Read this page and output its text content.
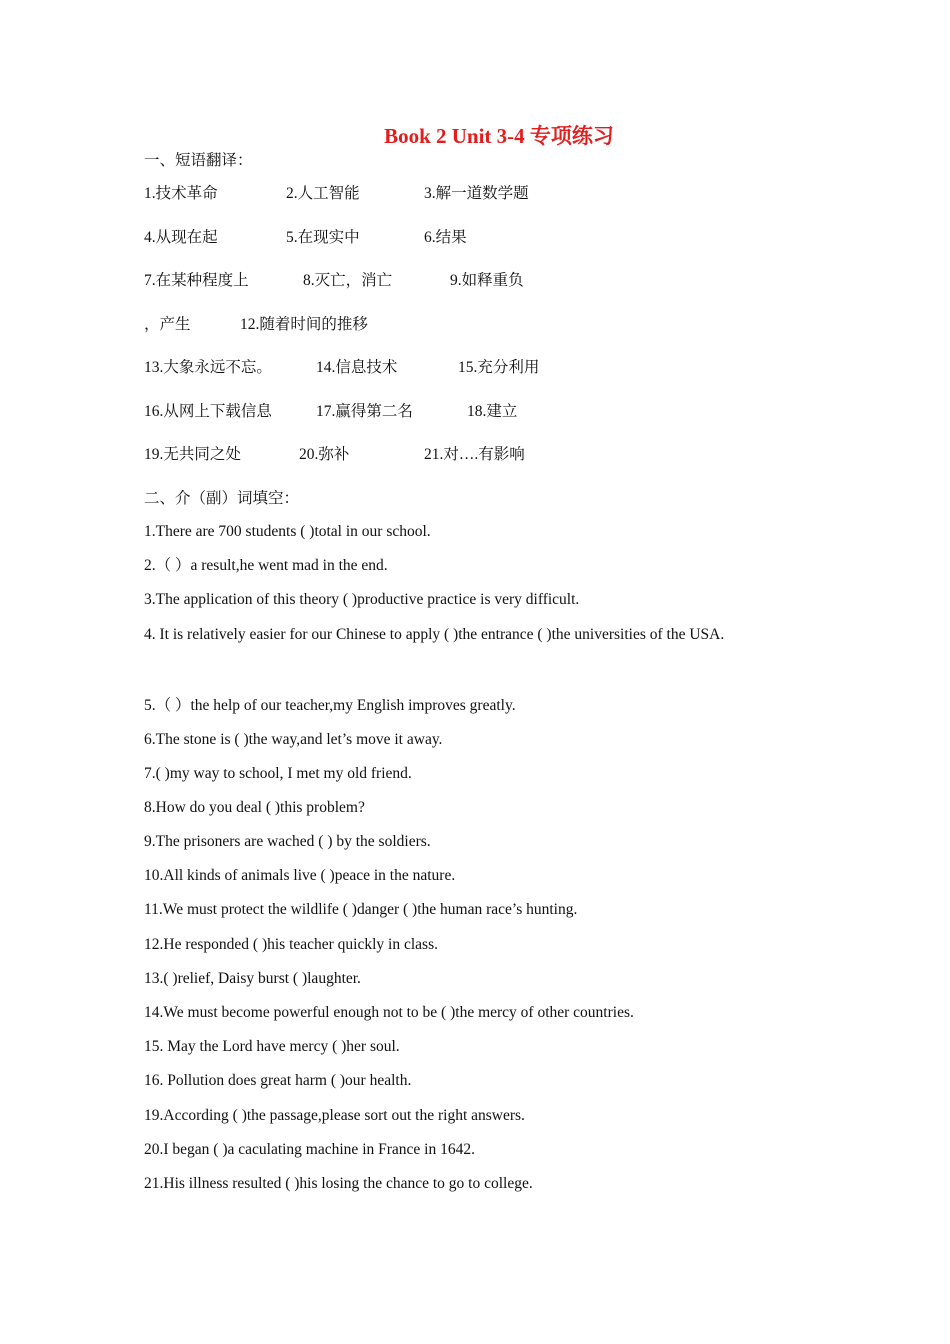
Book 2 Unit 3-4 专项练习
一、短语翻译：
1.技术革命	2.人工智能	3.解一道数学题
4.从现在起	5.在现实中	6.结果
7.在某种程度上	8.灭亡，消亡	9.如释重负
，产生	12.随着时间的推移
13.大象永远不忘。	14.信息技术	15.充分利用
16.从网上下载信息	17.赢得第二名	18.建立
19.无共同之处	20.弥补	21.对….有影响
二、介（副）词填空：
1.There are 700 students ( )total in our school.
2.（ ）a result,he went mad in the end.
3.The application of this theory ( )productive practice is very difficult.
4. It is relatively easier for our Chinese to apply ( )the entrance ( )the universities of the USA.
5.（ ）the help of our teacher,my English improves greatly.
6.The stone is ( )the way,and let’s move it away.
7.( )my way to school, I met my old friend.
8.How do you deal ( )this problem?
9.The prisoners are wached ( ) by the soldiers.
10.All kinds of animals live ( )peace in the nature.
11.We must protect the wildlife ( )danger ( )the human race’s hunting.
12.He responded ( )his teacher quickly in class.
13.( )relief, Daisy burst ( )laughter.
14.We must become powerful enough not to be ( )the mercy of other countries.
15. May the Lord have mercy ( )her soul.
16. Pollution does great harm ( )our health.
19.According ( )the passage,please sort out the right answers.
20.I began ( )a caculating machine in France in 1642.
21.His illness resulted ( )his losing the chance to go to college.
